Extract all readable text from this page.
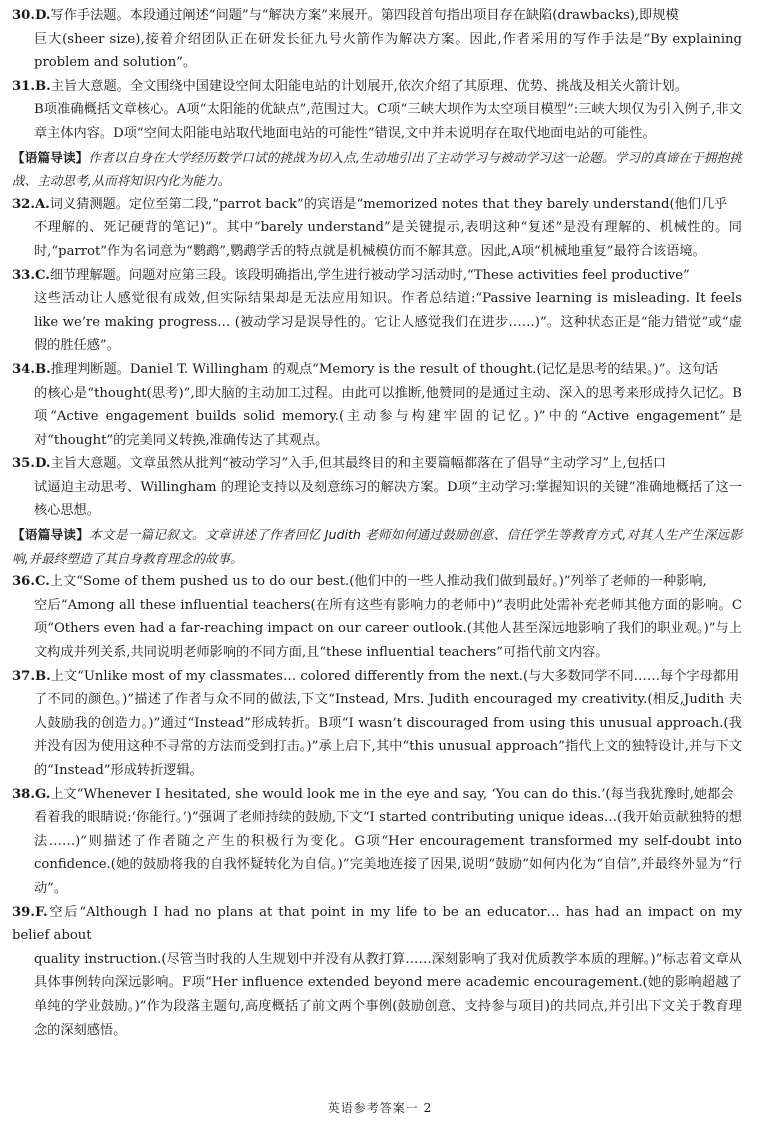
30.D.写作手法题。本段通过阐述“问题”与“解决方案”来展开。第四段首句指出项目存在缺陷(drawbacks),即规模

巨大(sheer size),接着介绍团队正在研发长征九号火箭作为解决方案。因此,作者采用的写作手法是“By explaining problem and solution”。

31.B.主旨大意题。全文围绕中国建设空间太阳能电站的计划展开,依次介绍了其原理、优势、挑战及相关火箭计划。

B项准确概括文章核心。A项“太阳能的优缺点”,范围过大。C项“三峡大坝作为太空项目模型”:三峡大坝仅为引入例子,非文章主体内容。D项“空间太阳能电站取代地面电站的可能性”错误,文中并未说明存在取代地面电站的可能性。

【语篇导读】作者以自身在大学经历数学口试的挑战为切入点,生动地引出了主动学习与被动学习这一论题。学习的真谛在于拥抱挑战、主动思考,从而将知识内化为能力。

32.A.词义猜测题。定位至第二段,“parrot back”的宾语是“memorized notes that they barely understand(他们几乎

不理解的、死记硬背的笔记)”。其中“barely understand”是关键提示,表明这种“复述”是没有理解的、机械性的。同时,“parrot”作为名词意为“鹦鹉”,鹦鹉学舌的特点就是机械模仿而不解其意。因此,A项“机械地重复”最符合该语境。

33.C.细节理解题。问题对应第三段。该段明确指出,学生进行被动学习活动时,“These activities feel productive”

这些活动让人感觉很有成效,但实际结果却是无法应用知识。作者总结道:“Passive learning is misleading. It feels like we’re making progress… (被动学习是误导性的。它让人感觉我们在进步……)”。这种状态正是“能力错觉”或“虚假的胜任感”。

34.B.推理判断题。Daniel T. Willingham 的观点“Memory is the result of thought.(记忆是思考的结果。)”。这句话

的核心是“thought(思考)”,即大脑的主动加工过程。由此可以推断,他赞同的是通过主动、深入的思考来形成持久记忆。B项“Active engagement builds solid memory.(主动参与构建牢固的记忆。)”中的“Active engagement”是对“thought”的完美同义转换,准确传达了其观点。

35.D.主旨大意题。文章虽然从批判“被动学习”入手,但其最终目的和主要篇幅都落在了倡导“主动学习”上,包括口

试逼迫主动思考、Willingham 的理论支持以及刻意练习的解决方案。D项“主动学习:掌握知识的关键”准确地概括了这一核心思想。

【语篇导读】本文是一篇记叙文。文章讲述了作者回忆 Judith 老师如何通过鼓励创意、信任学生等教育方式,对其人生产生深远影响,并最终塑造了其自身教育理念的故事。

36.C.上文“Some of them pushed us to do our best.(他们中的一些人推动我们做到最好。)”列举了老师的一种影响,

空后“Among all these influential teachers(在所有这些有影响力的老师中)”表明此处需补充老师其他方面的影响。C项“Others even had a far-reaching impact on our career outlook.(其他人甚至深远地影响了我们的职业观。)”与上文构成并列关系,共同说明老师影响的不同方面,且“these influential teachers”可指代前文内容。

37.B.上文“Unlike most of my classmates… colored differently from the next.(与大多数同学不同……每个字母都用

了不同的颜色。)”描述了作者与众不同的做法,下文“Instead, Mrs. Judith encouraged my creativity.(相反,Judith 夫人鼓励我的创造力。)”通过“Instead”形成转折。B项“I wasn’t discouraged from using this unusual approach.(我并没有因为使用这种不寻常的方法而受到打击。)”承上启下,其中“this unusual approach”指代上文的独特设计,并与下文的“Instead”形成转折逻辑。

38.G.上文“Whenever I hesitated, she would look me in the eye and say, ‘You can do this.’(每当我犹豫时,她都会

看着我的眼睛说:‘你能行。’)”强调了老师持续的鼓励,下文“I started contributing unique ideas…(我开始贡献独特的想法……)”则描述了作者随之产生的积极行为变化。G项“Her encouragement transformed my self-doubt into confidence.(她的鼓励将我的自我怀疑转化为自信。)”完美地连接了因果,说明“鼓励”如何内化为“自信”,并最终外显为“行动”。

39.F.空后“Although I had no plans at that point in my life to be an educator… has had an impact on my belief about

quality instruction.(尽管当时我的人生规划中并没有从教打算……深刻影响了我对优质教学本质的理解。)”标志着文章从具体事例转向深远影响。F项“Her influence extended beyond mere academic encouragement.(她的影响超越了单纯的学业鼓励。)”作为段落主题句,高度概括了前文两个事例(鼓励创意、支持参与项目)的共同点,并引出下文关于教育理念的深刻感悟。

英语参考答案一 2
